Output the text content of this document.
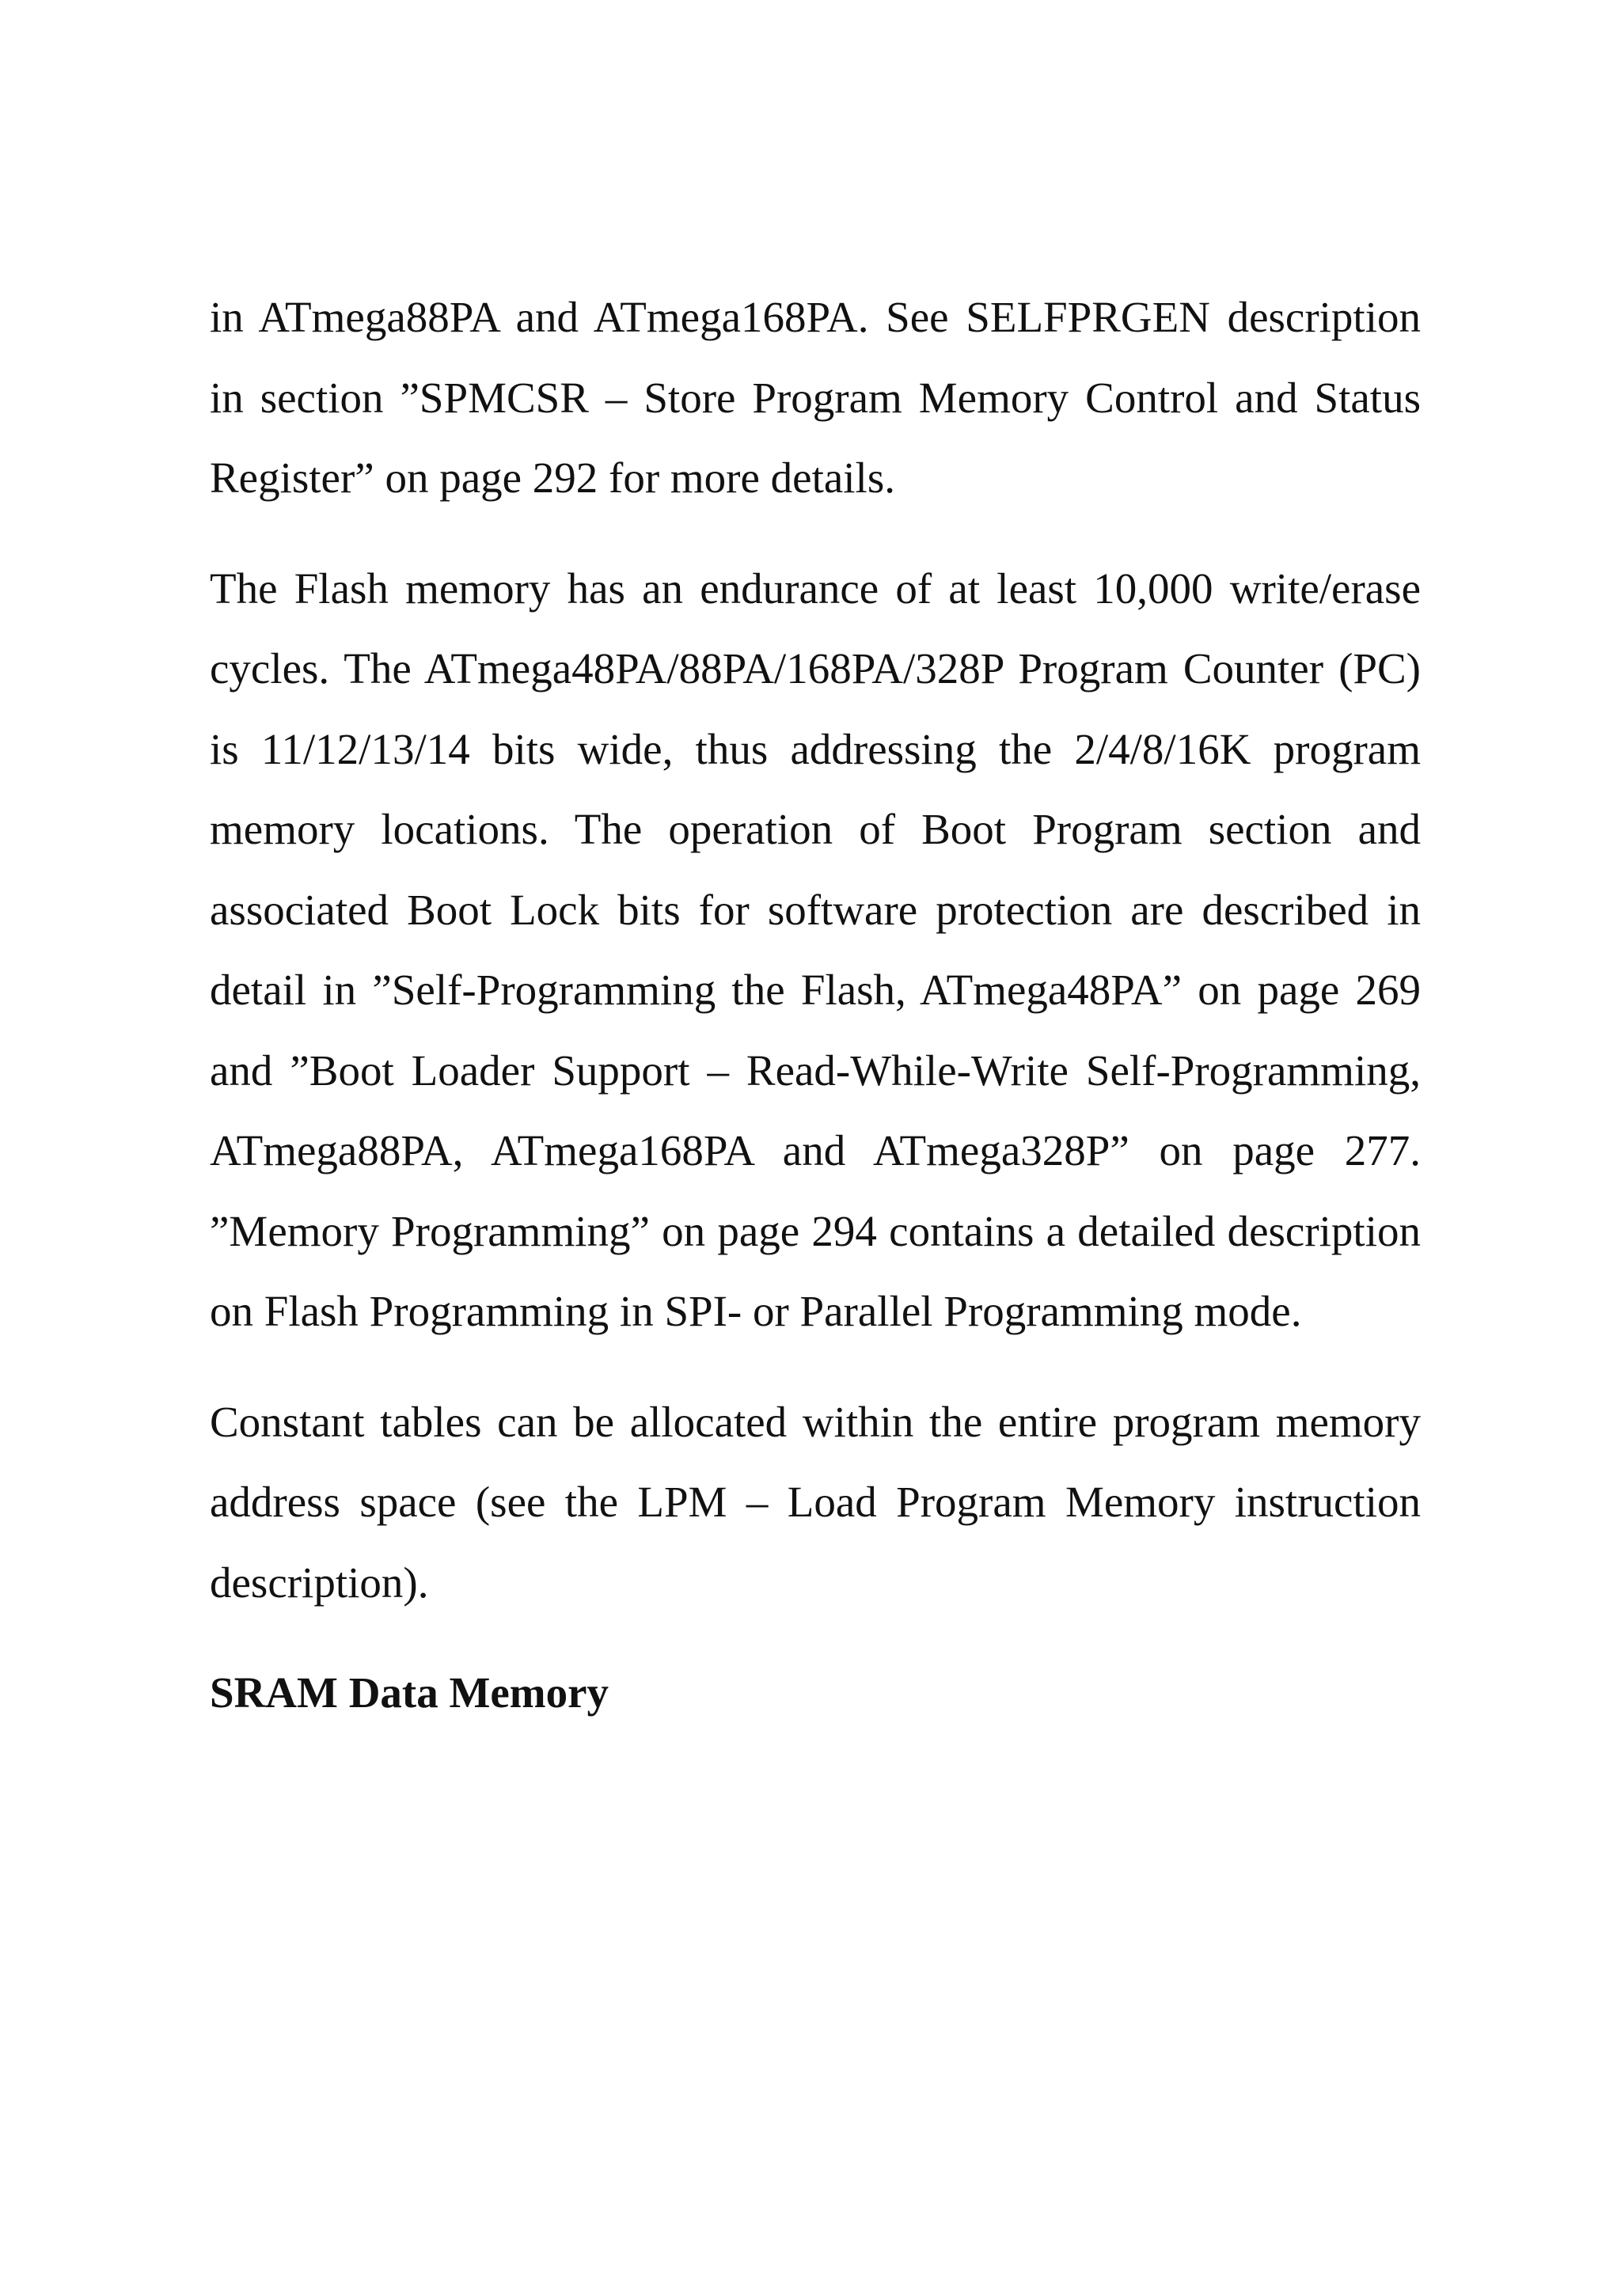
in ATmega88PA and ATmega168PA. See SELFPRGEN description in section ”SPMCSR – Store Program Memory Control and Status Register” on page 292 for more details.

The Flash memory has an endurance of at least 10,000 write/erase cycles. The ATmega48PA/88PA/168PA/328P Program Counter (PC) is 11/12/13/14 bits wide, thus addressing the 2/4/8/16K program memory locations. The operation of Boot Program section and associated Boot Lock bits for software protection are described in detail in ”Self-Programming the Flash, ATmega48PA” on page 269 and ”Boot Loader Support – Read-While-Write Self-Programming, ATmega88PA, ATmega168PA and ATmega328P” on page 277. ”Memory Programming” on page 294 contains a detailed description on Flash Programming in SPI- or Parallel Programming mode.

Constant tables can be allocated within the entire program memory address space (see the LPM – Load Program Memory instruction description).

SRAM Data Memory
